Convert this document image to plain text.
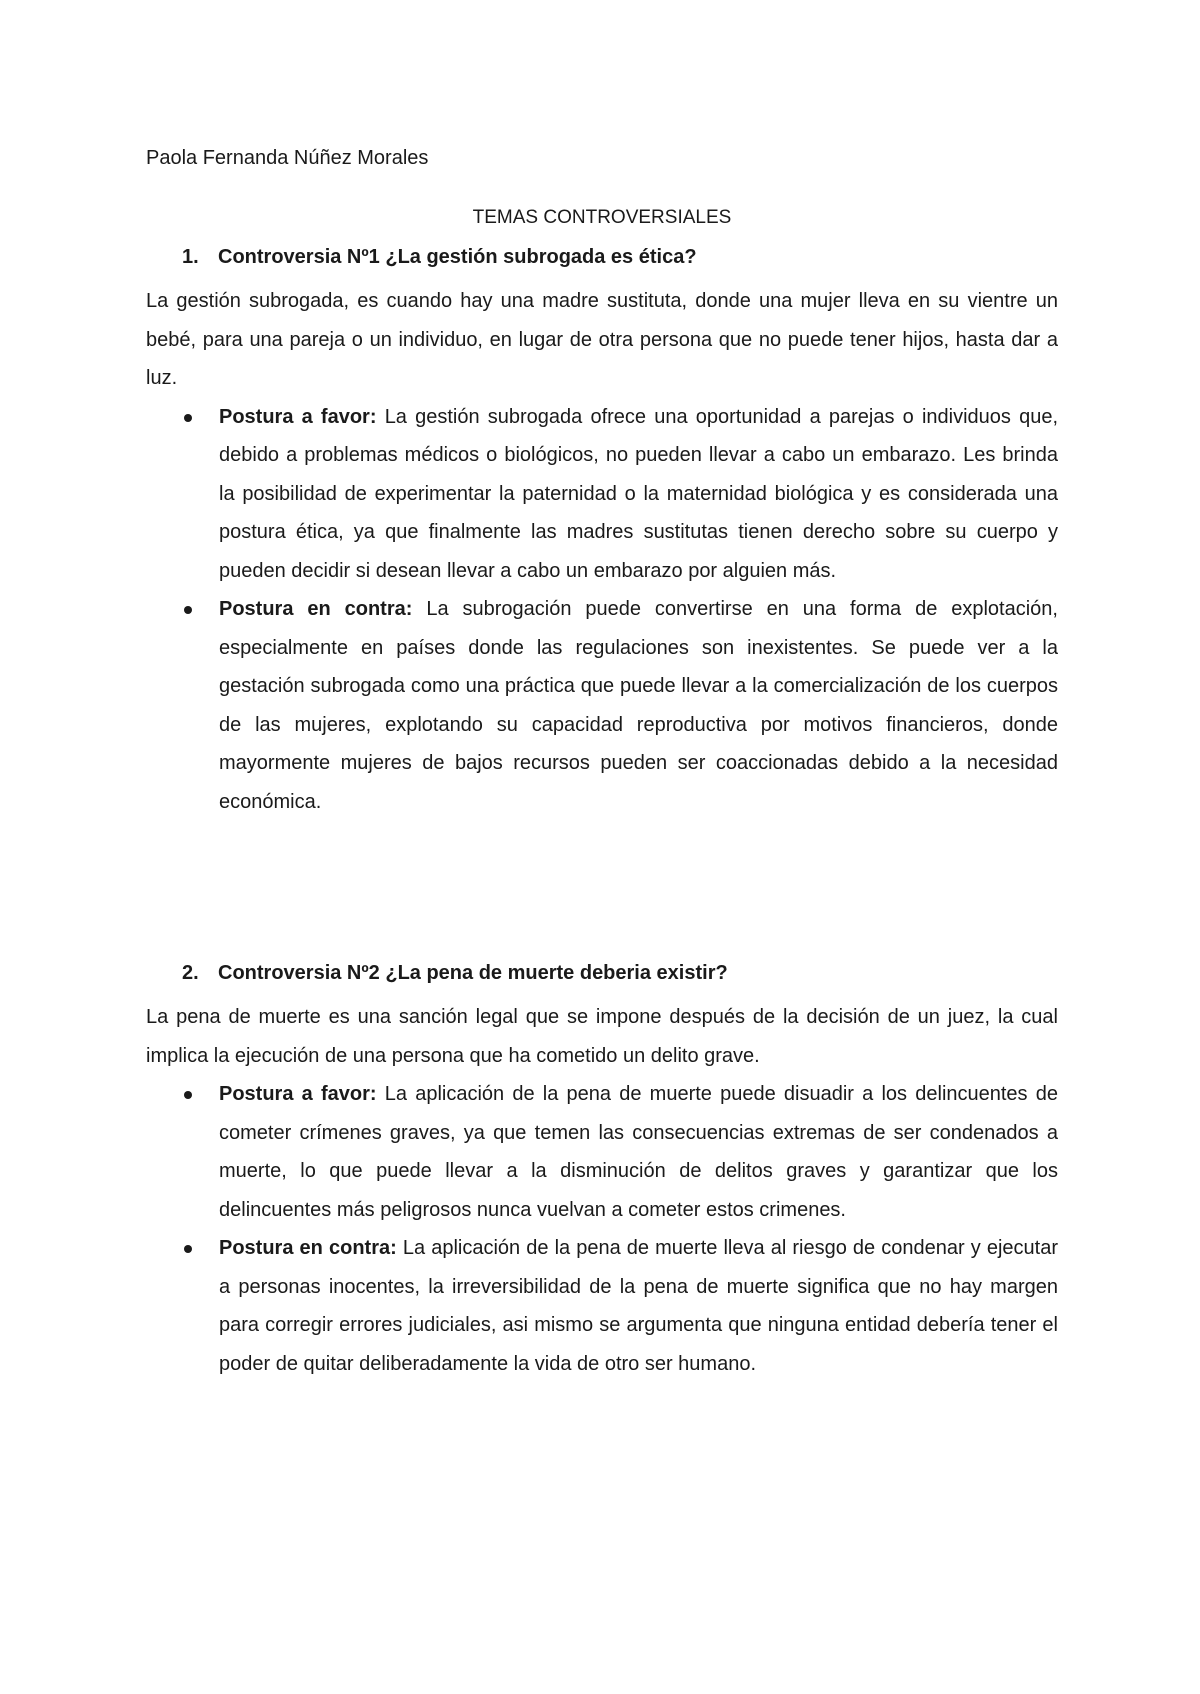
Paola Fernanda Núñez Morales
TEMAS CONTROVERSIALES
1. Controversia Nº1 ¿La gestión subrogada es ética?

La gestión subrogada, es cuando hay una madre sustituta, donde una mujer lleva en su vientre un bebé, para una pareja o un individuo, en lugar de otra persona que no puede tener hijos, hasta dar a luz.

Postura a favor: La gestión subrogada ofrece una oportunidad a parejas o individuos que, debido a problemas médicos o biológicos, no pueden llevar a cabo un embarazo. Les brinda la posibilidad de experimentar la paternidad o la maternidad biológica y es considerada una postura ética, ya que finalmente las madres sustitutas tienen derecho sobre su cuerpo y pueden decidir si desean llevar a cabo un embarazo por alguien más.
Postura en contra: La subrogación puede convertirse en una forma de explotación, especialmente en países donde las regulaciones son inexistentes. Se puede ver a la gestación subrogada como una práctica que puede llevar a la comercialización de los cuerpos de las mujeres, explotando su capacidad reproductiva por motivos financieros, donde mayormente mujeres de bajos recursos pueden ser coaccionadas debido a la necesidad económica.
2. Controversia Nº2 ¿La pena de muerte deberia existir?

La pena de muerte es una sanción legal que se impone después de la decisión de un juez, la cual implica la ejecución de una persona que ha cometido un delito grave.

Postura a favor: La aplicación de la pena de muerte puede disuadir a los delincuentes de cometer crímenes graves, ya que temen las consecuencias extremas de ser condenados a muerte, lo que puede llevar a la disminución de delitos graves y garantizar que los delincuentes más peligrosos nunca vuelvan a cometer estos crimenes.
Postura en contra: La aplicación de la pena de muerte lleva al riesgo de condenar y ejecutar a personas inocentes, la irreversibilidad de la pena de muerte significa que no hay margen para corregir errores judiciales, asi mismo se argumenta que ninguna entidad debería tener el poder de quitar deliberadamente la vida de otro ser humano.
